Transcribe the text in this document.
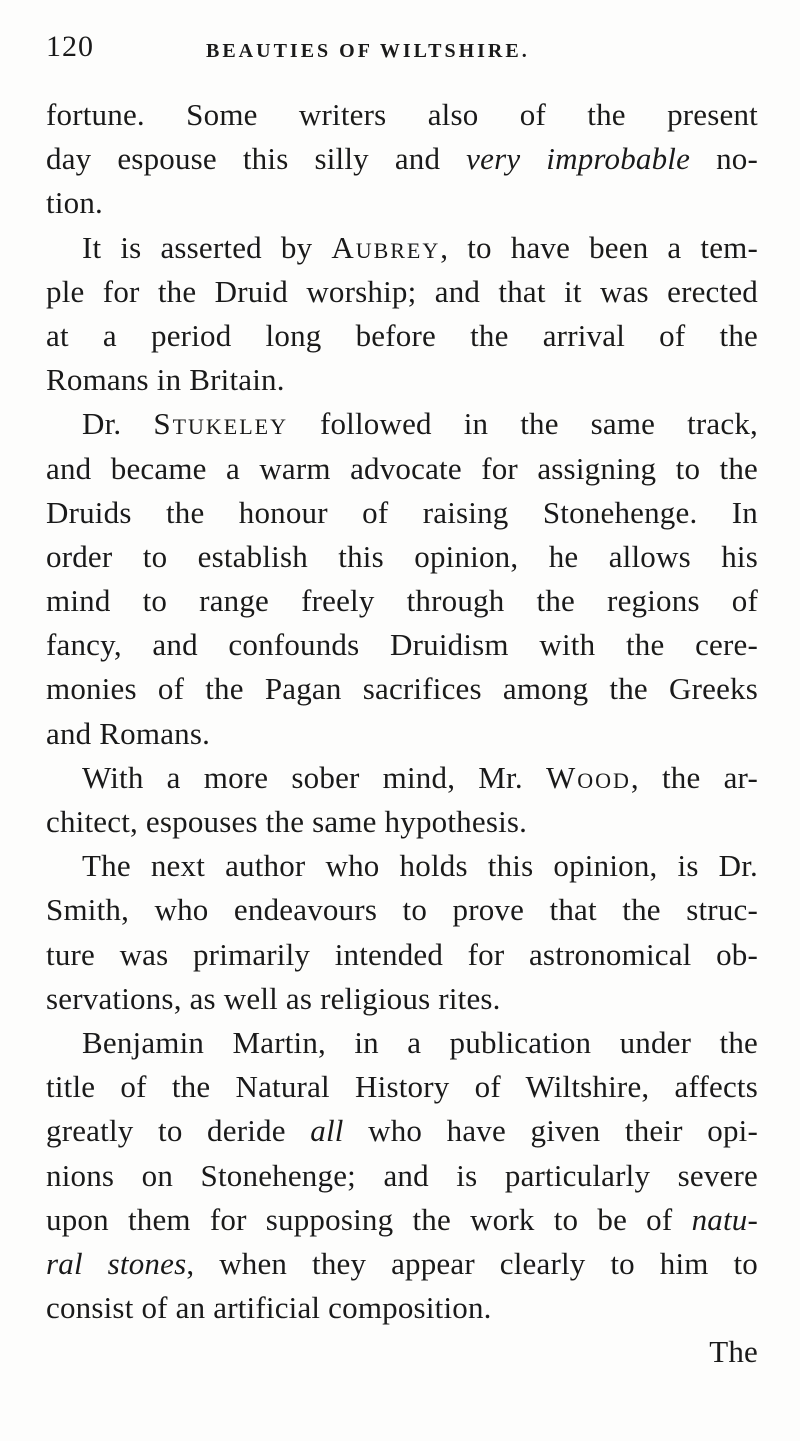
120	BEAUTIES OF WILTSHIRE.
fortune. Some writers also of the present
day espouse this silly and very improbable no-
tion.
It is asserted by Aubrey, to have been a tem-
ple for the Druid worship; and that it was erected
at a period long before the arrival of the
Romans in Britain.
Dr. Stukeley followed in the same track,
and became a warm advocate for assigning to the
Druids the honour of raising Stonehenge. In
order to establish this opinion, he allows his
mind to range freely through the regions of
fancy, and confounds Druidism with the cere-
monies of the Pagan sacrifices among the Greeks
and Romans.
With a more sober mind, Mr. Wood, the ar-
chitect, espouses the same hypothesis.
The next author who holds this opinion, is Dr.
Smith, who endeavours to prove that the struc-
ture was primarily intended for astronomical ob-
servations, as well as religious rites.
Benjamin Martin, in a publication under the
title of the Natural History of Wiltshire, affects
greatly to deride all who have given their opi-
nions on Stonehenge; and is particularly severe
upon them for supposing the work to be of natu-
ral stones, when they appear clearly to him to
consist of an artificial composition.
The
